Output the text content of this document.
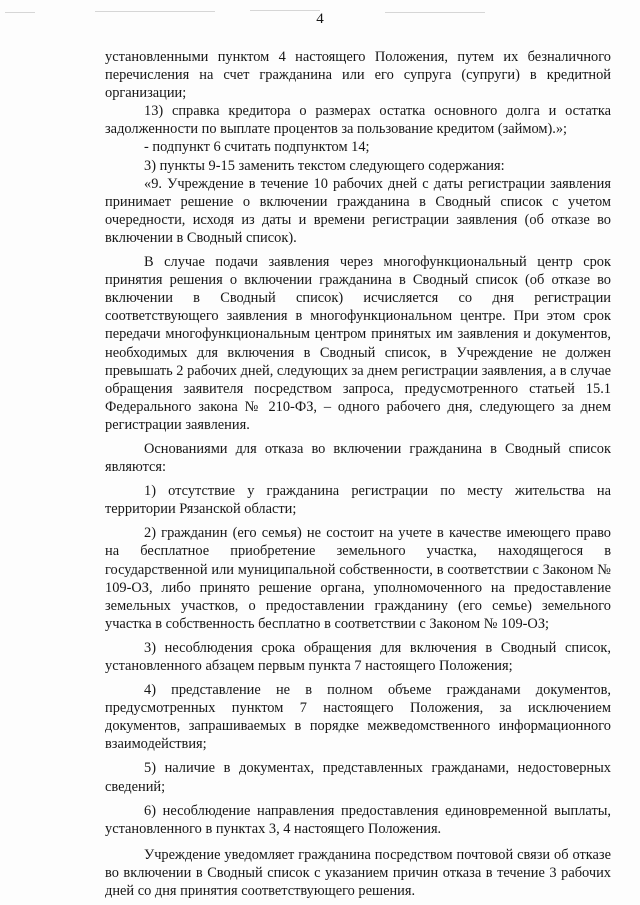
4

установленными пунктом 4 настоящего Положения, путем их безналичного перечисления на счет гражданина или его супруга (супруги) в кредитной организации;

13) справка кредитора о размерах остатка основного долга и остатка задолженности по выплате процентов за пользование кредитом (займом).»;

- подпункт 6 считать подпунктом 14;

3) пункты 9-15 заменить текстом следующего содержания:

«9. Учреждение в течение 10 рабочих дней с даты регистрации заявления принимает решение о включении гражданина в Сводный список с учетом очередности, исходя из даты и времени регистрации заявления (об отказе во включении в Сводный список).

В случае подачи заявления через многофункциональный центр срок принятия решения о включении гражданина в Сводный список (об отказе во включении в Сводный список) исчисляется со дня регистрации соответствующего заявления в многофункциональном центре. При этом срок передачи многофункциональным центром принятых им заявления и документов, необходимых для включения в Сводный список, в Учреждение не должен превышать 2 рабочих дней, следующих за днем регистрации заявления, а в случае обращения заявителя посредством запроса, предусмотренного статьей 15.1 Федерального закона № 210-ФЗ, – одного рабочего дня, следующего за днем регистрации заявления.

Основаниями для отказа во включении гражданина в Сводный список являются:

1) отсутствие у гражданина регистрации по месту жительства на территории Рязанской области;

2) гражданин (его семья) не состоит на учете в качестве имеющего право на бесплатное приобретение земельного участка, находящегося в государственной или муниципальной собственности, в соответствии с Законом № 109-ОЗ, либо принято решение органа, уполномоченного на предоставление земельных участков, о предоставлении гражданину (его семье) земельного участка в собственность бесплатно в соответствии с Законом № 109-ОЗ;

3) несоблюдения срока обращения для включения в Сводный список, установленного абзацем первым пункта 7 настоящего Положения;

4) представление не в полном объеме гражданами документов, предусмотренных пунктом 7 настоящего Положения, за исключением документов, запрашиваемых в порядке межведомственного информационного взаимодействия;

5) наличие в документах, представленных гражданами, недостоверных сведений;

6) несоблюдение направления предоставления единовременной выплаты, установленного в пунктах 3, 4 настоящего Положения.

Учреждение уведомляет гражданина посредством почтовой связи об отказе во включении в Сводный список с указанием причин отказа в течение 3 рабочих дней со дня принятия соответствующего решения.
